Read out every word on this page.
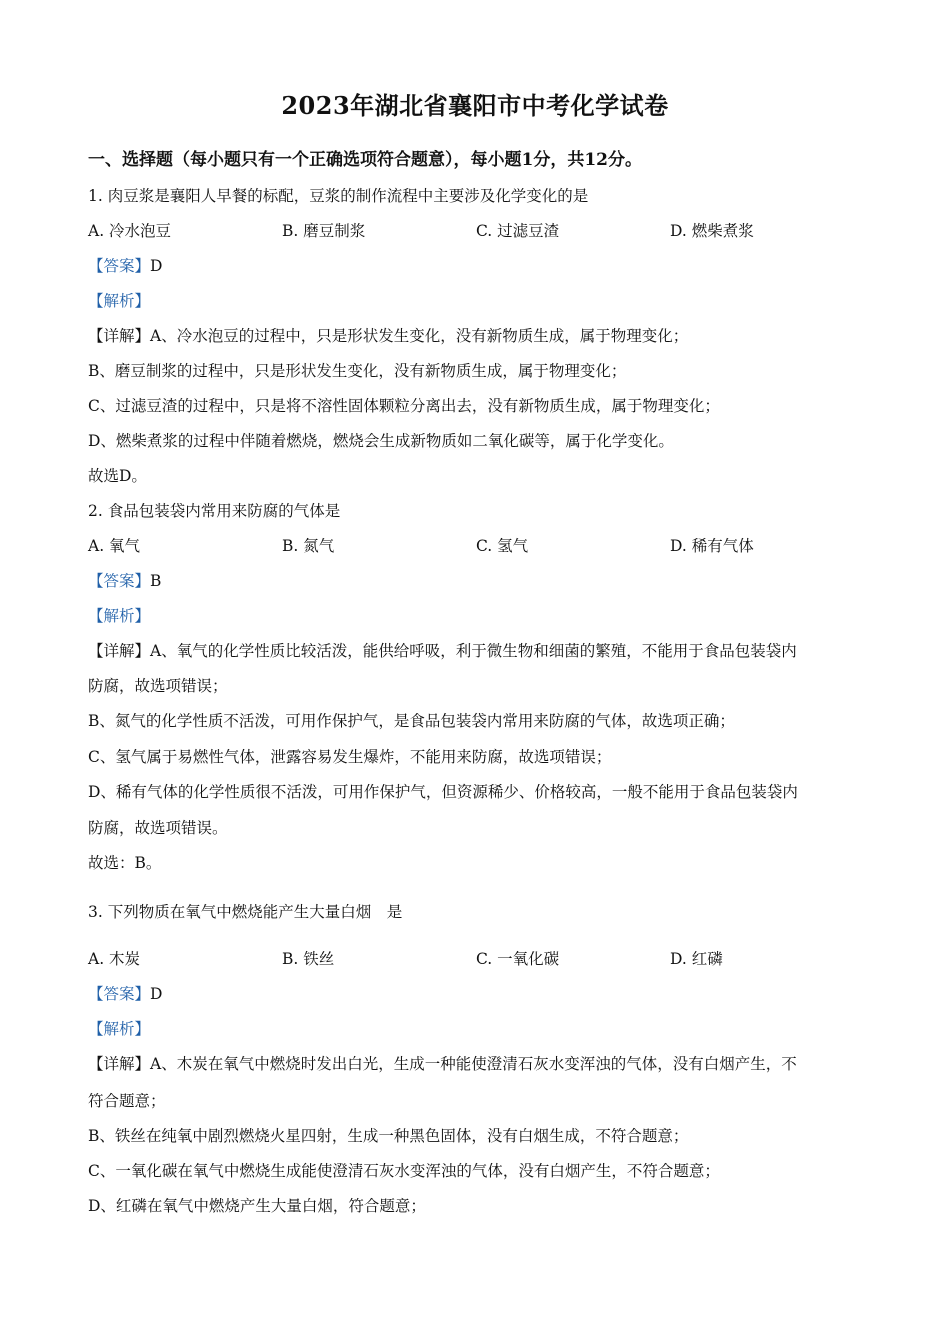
2023年湖北省襄阳市中考化学试卷
一、选择题（每小题只有一个正确选项符合题意），每小题1分，共12分。
1. 肉豆浆是襄阳人早餐的标配，豆浆的制作流程中主要涉及化学变化的是
A. 冷水泡豆	B. 磨豆制浆	C. 过滤豆渣	D. 燃柴煮浆
【答案】D
【解析】
【详解】A、冷水泡豆的过程中，只是形状发生变化，没有新物质生成，属于物理变化；
B、磨豆制浆的过程中，只是形状发生变化，没有新物质生成，属于物理变化；
C、过滤豆渣的过程中，只是将不溶性固体颗粒分离出去，没有新物质生成，属于物理变化；
D、燃柴煮浆的过程中伴随着燃烧，燃烧会生成新物质如二氧化碳等，属于化学变化。
故选D。
2. 食品包装袋内常用来防腐的气体是
A. 氧气	B. 氮气	C. 氢气	D. 稀有气体
【答案】B
【解析】
【详解】A、氧气的化学性质比较活泼，能供给呼吸，利于微生物和细菌的繁殖，不能用于食品包装袋内
防腐，故选项错误；
B、氮气的化学性质不活泼，可用作保护气，是食品包装袋内常用来防腐的气体，故选项正确；
C、氢气属于易燃性气体，泄露容易发生爆炸，不能用来防腐，故选项错误；
D、稀有气体的化学性质很不活泼，可用作保护气，但资源稀少、价格较高，一般不能用于食品包装袋内
防腐，故选项错误。
故选：B。
3. 下列物质在氧气中燃烧能产生大量白烟　是
A. 木炭	B. 铁丝	C. 一氧化碳	D. 红磷
【答案】D
【解析】
【详解】A、木炭在氧气中燃烧时发出白光，生成一种能使澄清石灰水变浑浊的气体，没有白烟产生，不
符合题意；
B、铁丝在纯氧中剧烈燃烧火星四射，生成一种黑色固体，没有白烟生成，不符合题意；
C、一氧化碳在氧气中燃烧生成能使澄清石灰水变浑浊的气体，没有白烟产生，不符合题意；
D、红磷在氧气中燃烧产生大量白烟，符合题意；
